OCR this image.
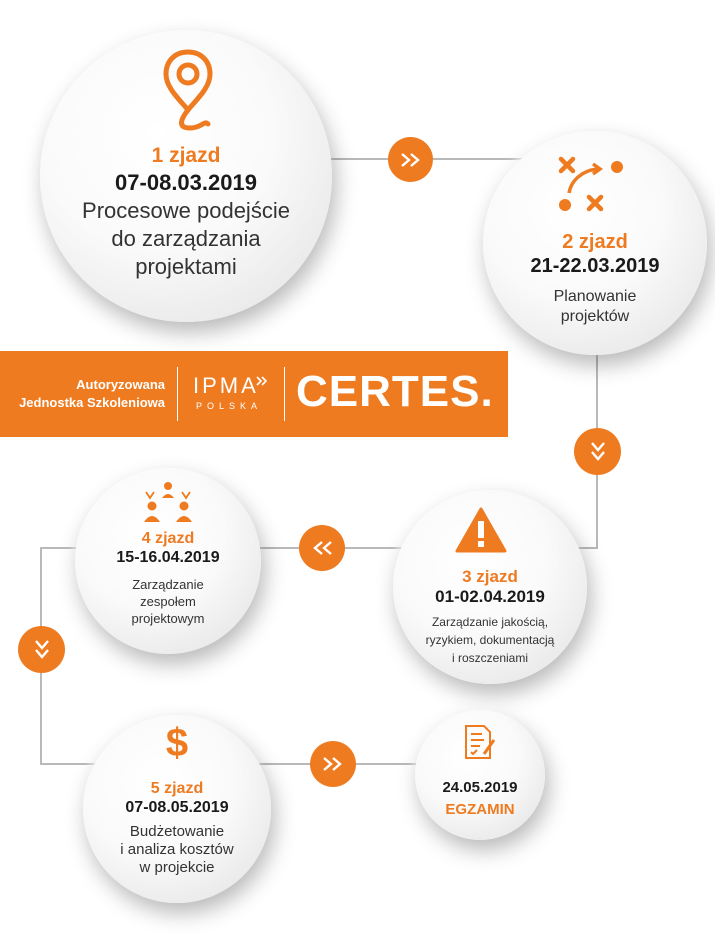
1 zjazd
07-08.03.2019
Procesowe podejście
do zarządzania
projektami
2 zjazd
21-22.03.2019
Planowanie
projektów
Autoryzowana
Jednostka Szkoleniowa
IPMA
POLSKA CERTES.
3 zjazd
01-02.04.2019
Zarządzanie jakością,
ryzykiem, dokumentacją
i roszczeniami
4 zjazd
15-16.04.2019
Zarządzanie
zespołem
projektowym
$
5 zjazd
07-08.05.2019
Budżetowanie
i analiza kosztów
w projekcie
24.05.2019
EGZAMIN
